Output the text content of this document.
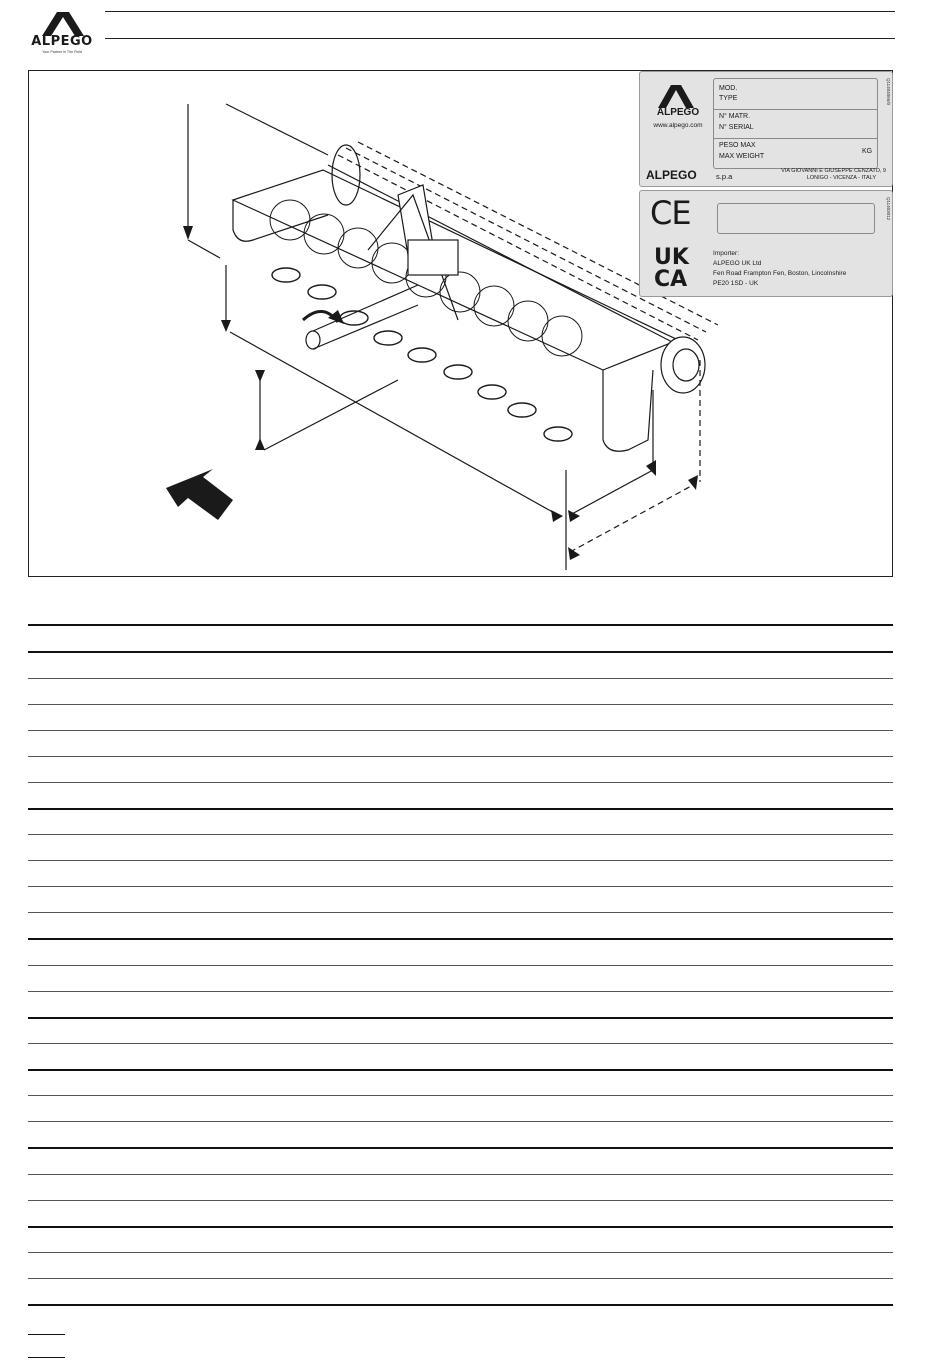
ALPEGO
Your Partner in The Field
ALPEGO
www.alpego.com
MOD.
TYPE
N° MATR.
N° SERIAL
PESO MAX
MAX WEIGHT
KG
ALPEGO	s.p.a
VIA GIOVANNI E GIUSEPPE CENZATO, 9
LONIGO - VICENZA - ITALY
Q11404066/0
CE
UK
CA
Importer:
ALPEGO UK Ltd
Fen Road Frampton Fen, Boston, Lincolnshire
PE20 1SD - UK
Q11403012
